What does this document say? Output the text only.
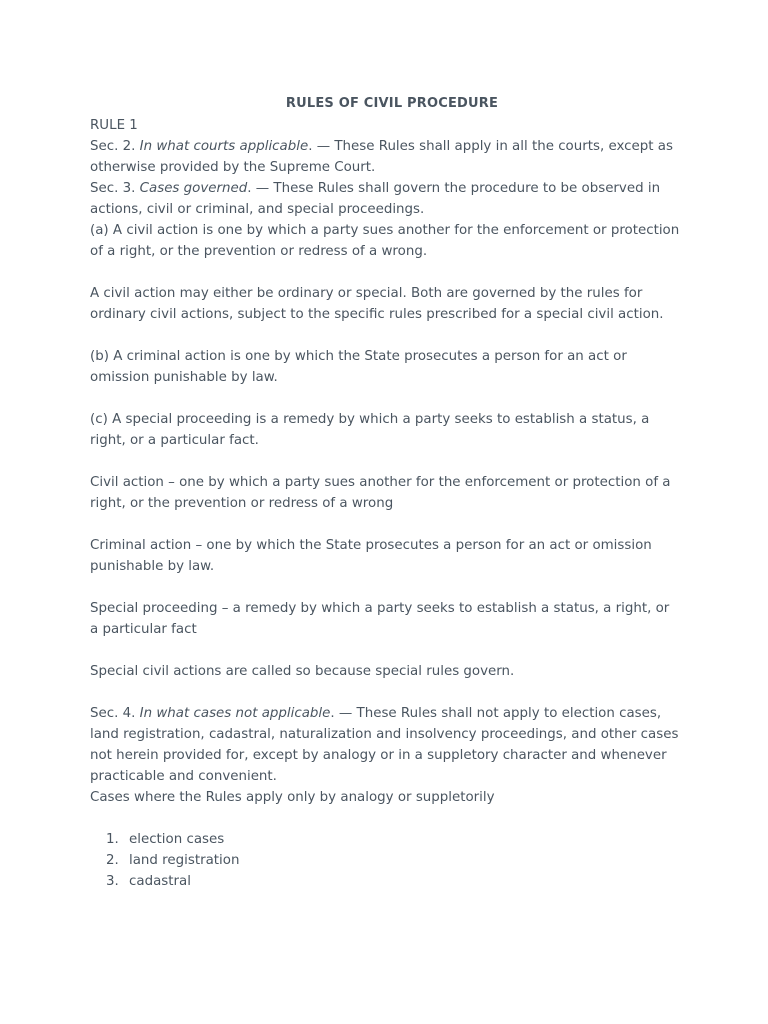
RULES OF CIVIL PROCEDURE
RULE 1
Sec. 2. In what courts applicable. — These Rules shall apply in all the courts, except as
otherwise provided by the Supreme Court.
Sec. 3. Cases governed. — These Rules shall govern the procedure to be observed in
actions, civil or criminal, and special proceedings.
(a) A civil action is one by which a party sues another for the enforcement or protection
of a right, or the prevention or redress of a wrong.
A civil action may either be ordinary or special. Both are governed by the rules for
ordinary civil actions, subject to the specific rules prescribed for a special civil action.
(b) A criminal action is one by which the State prosecutes a person for an act or
omission punishable by law.
(c) A special proceeding is a remedy by which a party seeks to establish a status, a
right, or a particular fact.
Civil action – one by which a party sues another for the enforcement or protection of a
right, or the prevention or redress of a wrong
Criminal action – one by which the State prosecutes a person for an act or omission
punishable by law.
Special proceeding – a remedy by which a party seeks to establish a status, a right, or
a particular fact
Special civil actions are called so because special rules govern.
Sec. 4. In what cases not applicable. — These Rules shall not apply to election cases,
land registration, cadastral, naturalization and insolvency proceedings, and other cases
not herein provided for, except by analogy or in a suppletory character and whenever
practicable and convenient.
Cases where the Rules apply only by analogy or suppletorily
1. election cases
2. land registration
3. cadastral
